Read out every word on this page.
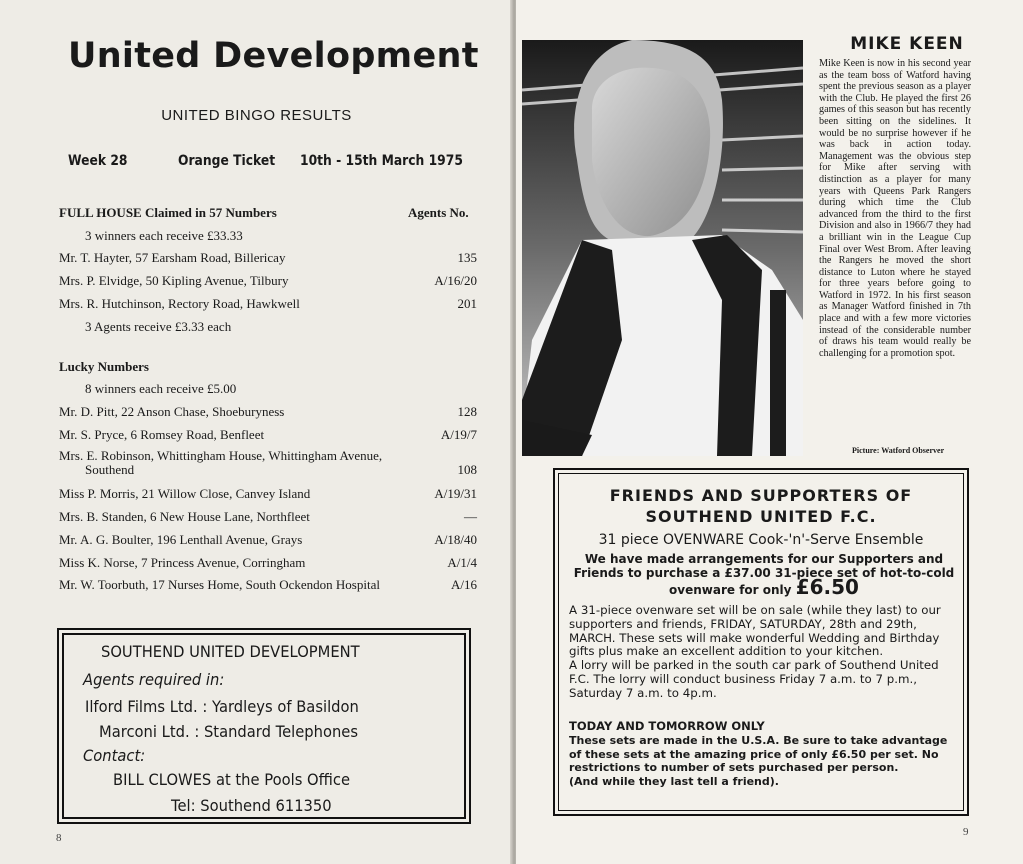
United Development
UNITED BINGO RESULTS
Week 28	Orange Ticket 10th - 15th March 1975
FULL HOUSE Claimed in 57 Numbers	Agents No.
3 winners each receive £33.33
Mr. T. Hayter, 57 Earsham Road, Billericay	135
Mrs. P. Elvidge, 50 Kipling Avenue, Tilbury	A/16/20
Mrs. R. Hutchinson, Rectory Road, Hawkwell	201
3 Agents receive £3.33 each
Lucky Numbers
8 winners each receive £5.00
Mr. D. Pitt, 22 Anson Chase, Shoeburyness	128
Mr. S. Pryce, 6 Romsey Road, Benfleet	A/19/7
Mrs. E. Robinson, Whittingham House, Whittingham Avenue,
Southend	108
Miss P. Morris, 21 Willow Close, Canvey Island	A/19/31
Mrs. B. Standen, 6 New House Lane, Northfleet	—
Mr. A. G. Boulter, 196 Lenthall Avenue, Grays	A/18/40
Miss K. Norse, 7 Princess Avenue, Corringham	A/1/4
Mr. W. Toorbuth, 17 Nurses Home, South Ockendon Hospital	A/16
SOUTHEND UNITED DEVELOPMENT
Agents required in:
Ilford Films Ltd. : Yardleys of Basildon
Marconi Ltd. : Standard Telephones
Contact:
BILL CLOWES at the Pools Office
Tel: Southend 611350
8
MIKE KEEN
Mike Keen is now in his second year as the team boss of Watford having spent the previous season as a player with the Club. He played the first 26 games of this season but has recently been sitting on the sidelines. It would be no surprise however if he was back in action today. Management was the obvious step for Mike after serving with distinction as a player for many years with Queens Park Rangers during which time the Club advanced from the third to the first Division and also in 1966/7 they had a brilliant win in the League Cup Final over West Brom. After leaving the Rangers he moved the short distance to Luton where he stayed for three years before going to Watford in 1972. In his first season as Manager Watford finished in 7th place and with a few more victories instead of the considerable number of draws his team would really be challenging for a promotion spot.
Picture: Watford Observer
FRIENDS AND SUPPORTERS OF
SOUTHEND UNITED F.C.
31 piece OVENWARE Cook-'n'-Serve Ensemble
We have made arrangements for our Supporters and Friends to purchase a £37.00 31-piece set of hot-to-cold ovenware for only £6.50
A 31-piece ovenware set will be on sale (while they last) to our supporters and friends, FRIDAY, SATURDAY, 28th and 29th, MARCH. These sets will make wonderful Wedding and Birthday gifts plus make an excellent addition to your kitchen.
A lorry will be parked in the south car park of Southend United F.C. The lorry will conduct business Friday 7 a.m. to 7 p.m., Saturday 7 a.m. to 4p.m.
TODAY AND TOMORROW ONLY
These sets are made in the U.S.A. Be sure to take advantage of these sets at the amazing price of only £6.50 per set. No restrictions to number of sets purchased per person.
(And while they last tell a friend).
9
